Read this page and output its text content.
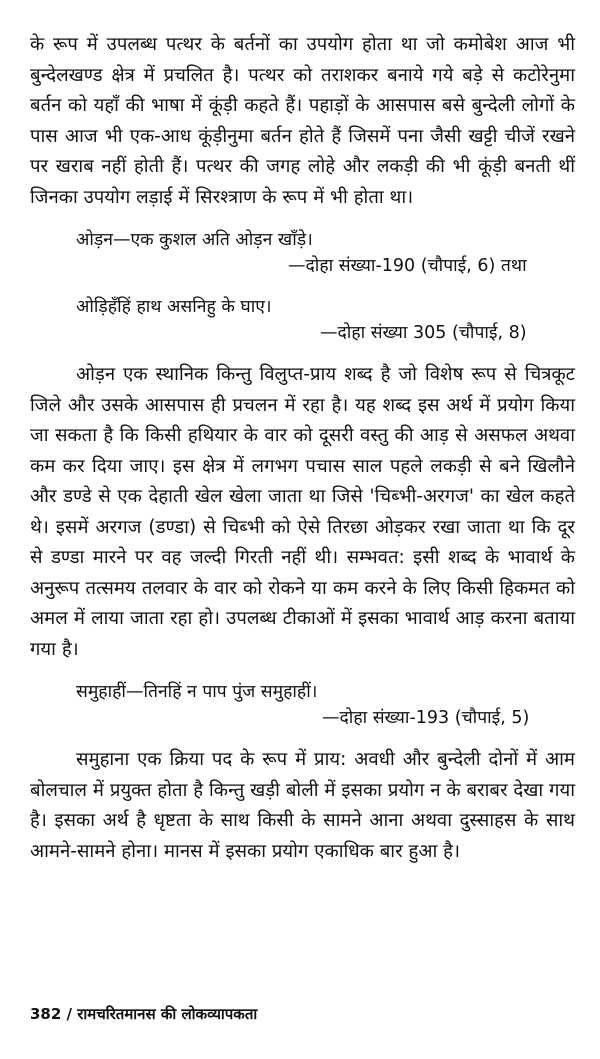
के रूप में उपलब्ध पत्थर के बर्तनों का उपयोग होता था जो कमोबेश आज भी बुन्देलखण्ड क्षेत्र में प्रचलित है। पत्थर को तराशकर बनाये गये बड़े से कटोरेनुमा बर्तन को यहाँ की भाषा में कूंड़ी कहते हैं। पहाड़ों के आसपास बसे बुन्देली लोगों के पास आज भी एक-आध कूंड़ीनुमा बर्तन होते हैं जिसमें पना जैसी खट्टी चीजें रखने पर खराब नहीं होती हैं। पत्थर की जगह लोहे और लकड़ी की भी कूंड़ी बनती थीं जिनका उपयोग लड़ाई में सिरश्त्राण के रूप में भी होता था।

ओड़न—एक कुशल अति ओड़न खाँड़े।

—दोहा संख्या-190 (चौपाई, 6) तथा

ओड़िहँहिं हाथ असनिहु के घाए।

—दोहा संख्या 305 (चौपाई, 8)

ओड़न एक स्थानिक किन्तु विलुप्त-प्राय शब्द है जो विशेष रूप से चित्रकूट जिले और उसके आसपास ही प्रचलन में रहा है। यह शब्द इस अर्थ में प्रयोग किया जा सकता है कि किसी हथियार के वार को दूसरी वस्तु की आड़ से असफल अथवा कम कर दिया जाए। इस क्षेत्र में लगभग पचास साल पहले लकड़ी से बने खिलौने और डण्डे से एक देहाती खेल खेला जाता था जिसे 'चिब्भी-अरगज' का खेल कहते थे। इसमें अरगज (डण्डा) से चिब्भी को ऐसे तिरछा ओड़कर रखा जाता था कि दूर से डण्डा मारने पर वह जल्दी गिरती नहीं थी। सम्भवत: इसी शब्द के भावार्थ के अनुरूप तत्समय तलवार के वार को रोकने या कम करने के लिए किसी हिकमत को अमल में लाया जाता रहा हो। उपलब्ध टीकाओं में इसका भावार्थ आड़ करना बताया गया है।

समुहाहीं—तिनहिं न पाप पुंज समुहाहीं।

—दोहा संख्या-193 (चौपाई, 5)

समुहाना एक क्रिया पद के रूप में प्राय: अवधी और बुन्देली दोनों में आम बोलचाल में प्रयुक्त होता है किन्तु खड़ी बोली में इसका प्रयोग न के बराबर देखा गया है। इसका अर्थ है धृष्टता के साथ किसी के सामने आना अथवा दुस्साहस के साथ आमने-सामने होना। मानस में इसका प्रयोग एकाधिक बार हुआ है।

382 / रामचरितमानस की लोकव्यापकता
